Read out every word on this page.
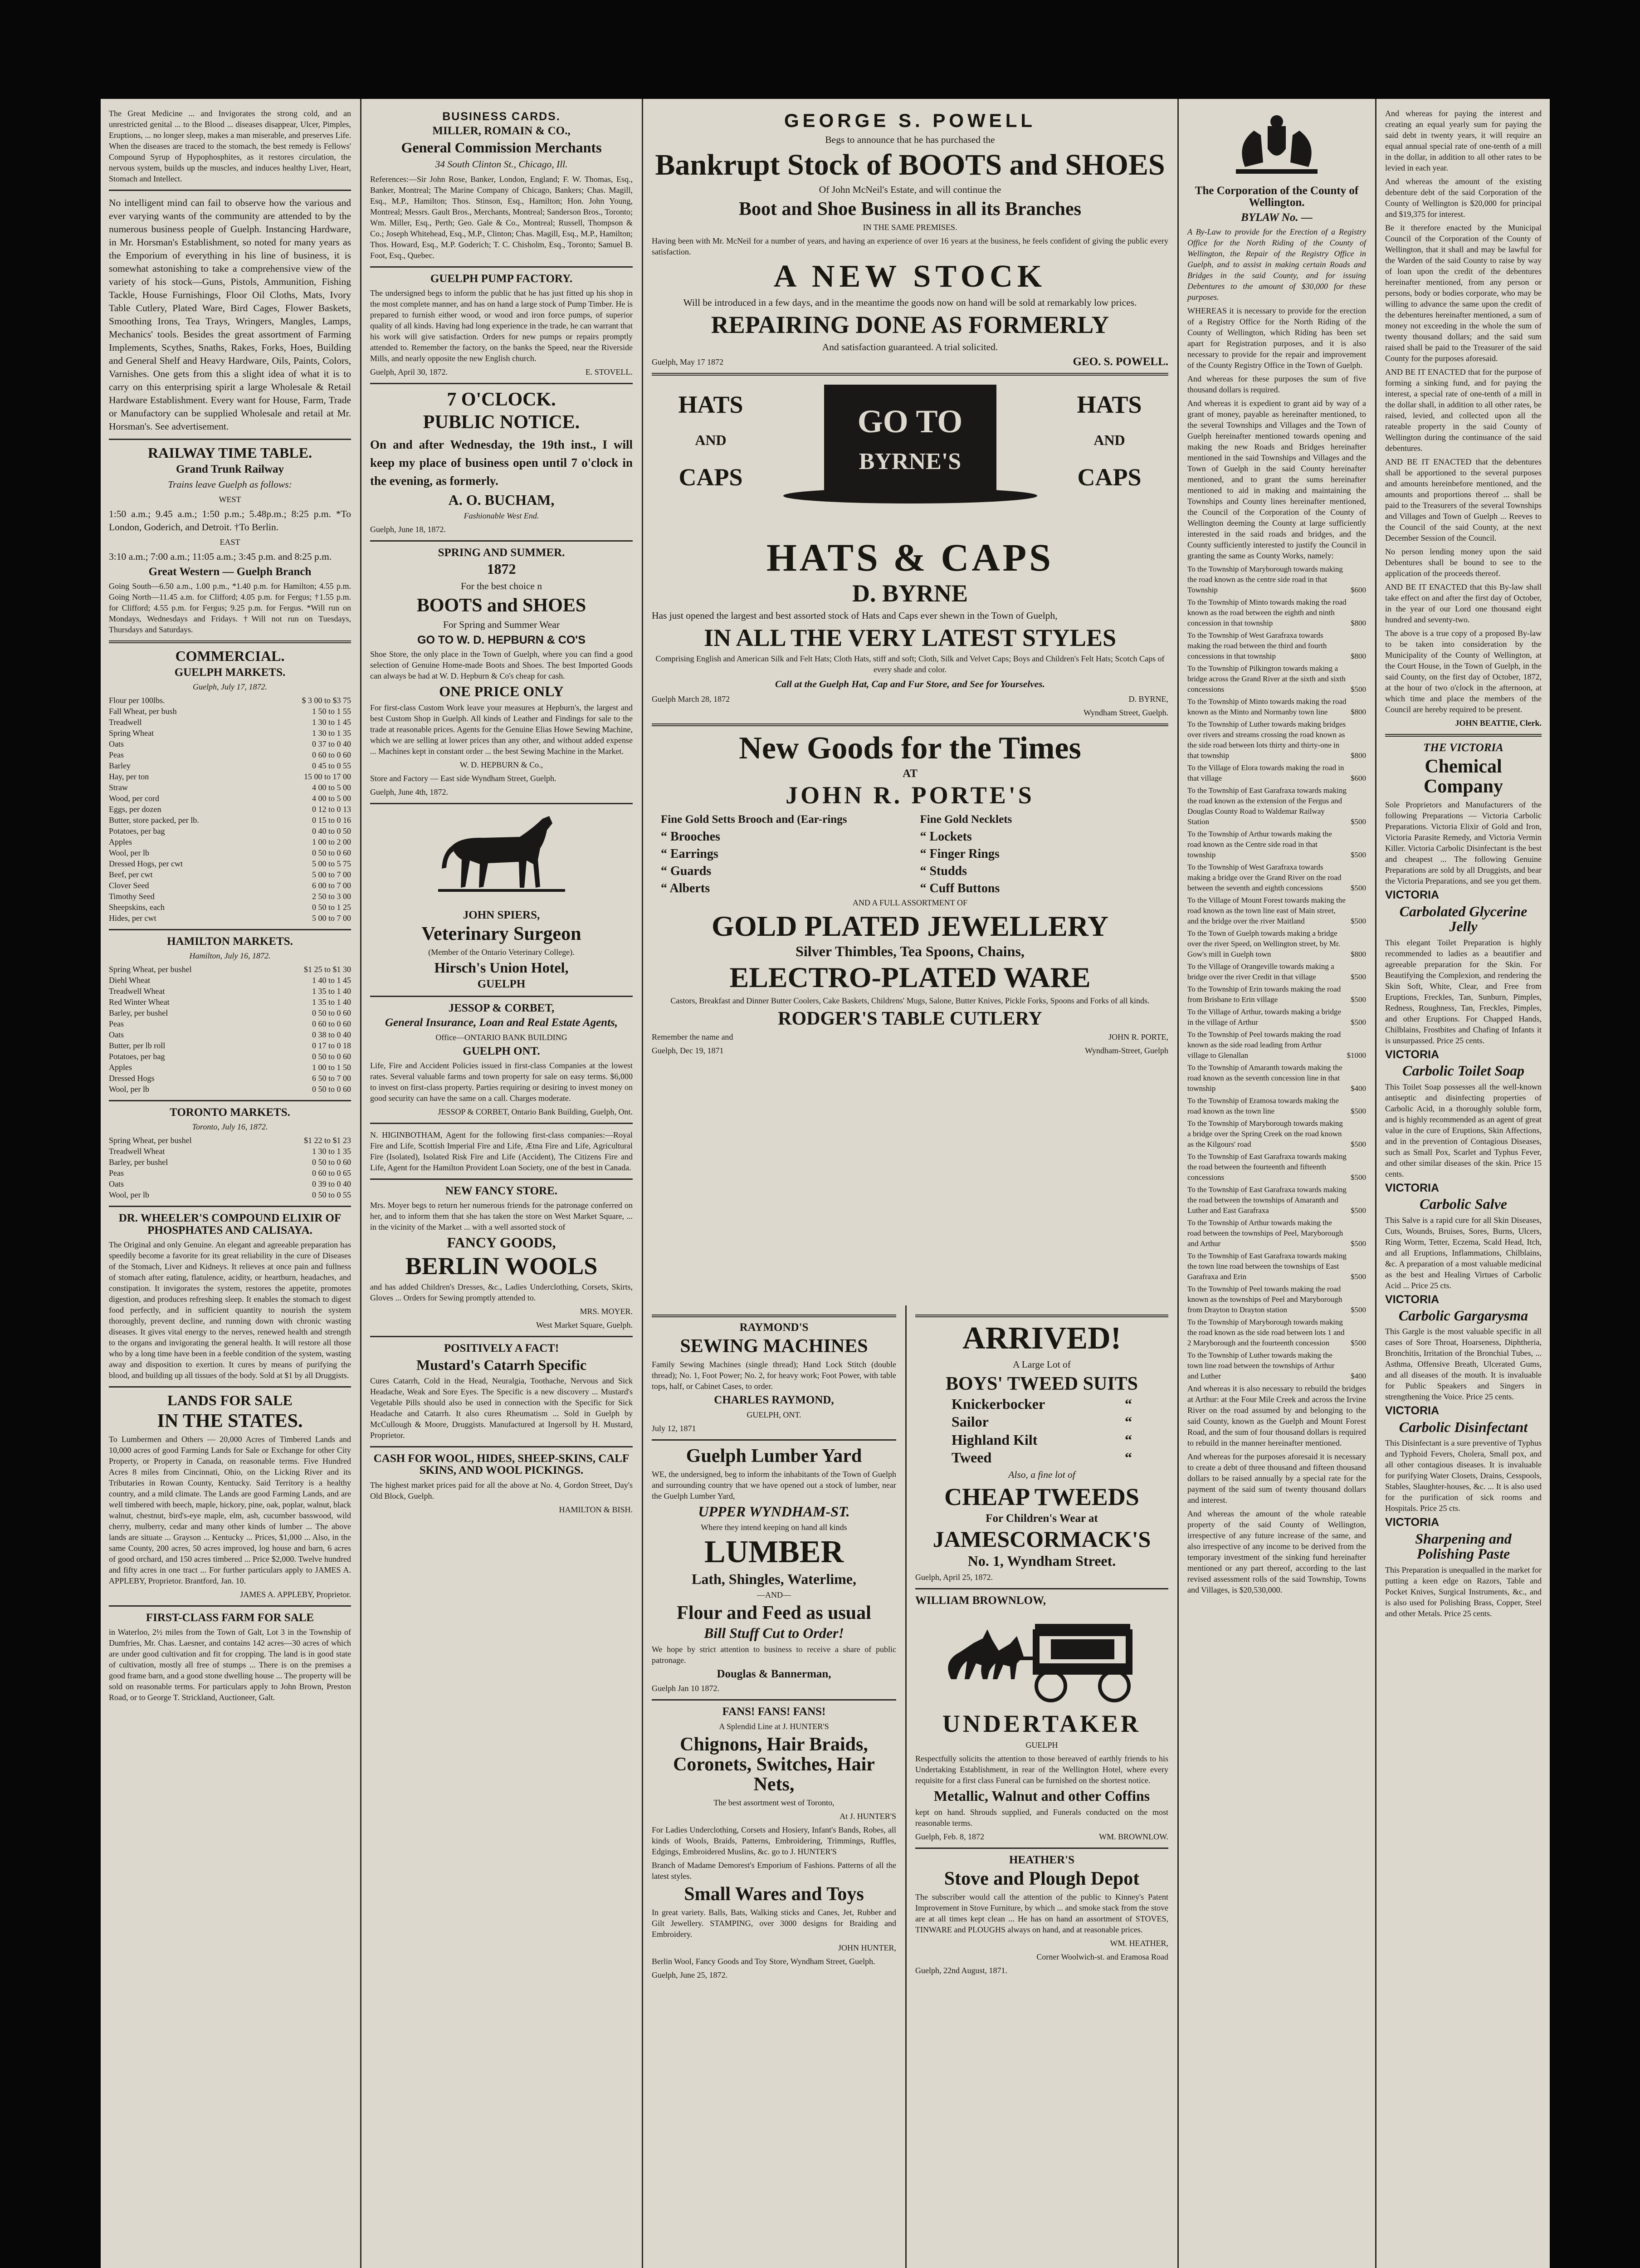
The Great Medicine ... and Invigorates the strong cold, and an unrestricted genital ... to the Blood ... diseases disappear, Ulcer, Pimples, Eruptions, ... no longer sleep, makes a man miserable, and preserves Life. When the diseases are traced to the stomach, the best remedy is Fellows' Compound Syrup of Hypophosphites, as it restores circulation, the nervous system, builds up the muscles, and induces healthy Liver, Heart, Stomach and Intellect.

No intelligent mind can fail to observe how the various and ever varying wants of the community are attended to by the numerous business people of Guelph. Instancing Hardware, in Mr. Horsman's Establishment, so noted for many years as the Emporium of everything in his line of business, it is somewhat astonishing to take a comprehensive view of the variety of his stock—Guns, Pistols, Ammunition, Fishing Tackle, House Furnishings, Floor Oil Cloths, Mats, Ivory Table Cutlery, Plated Ware, Bird Cages, Flower Baskets, Smoothing Irons, Tea Trays, Wringers, Mangles, Lamps, Mechanics' tools. Besides the great assortment of Farming Implements, Scythes, Snaths, Rakes, Forks, Hoes, Building and General Shelf and Heavy Hardware, Oils, Paints, Colors, Varnishes. One gets from this a slight idea of what it is to carry on this enterprising spirit a large Wholesale & Retail Hardware Establishment. Every want for House, Farm, Trade or Manufactory can be supplied Wholesale and retail at Mr. Horsman's. See advertisement.

RAILWAY TIME TABLE.
Grand Trunk Railway
Trains leave Guelph as follows:
WEST

1:50 a.m.; 9.45 a.m.; 1:50 p.m.; 5.48p.m.; 8:25 p.m. *To London, Goderich, and Detroit. †To Berlin.

EAST

3:10 a.m.; 7:00 a.m.; 11:05 a.m.; 3:45 p.m. and 8:25 p.m.

Great Western — Guelph Branch

Going South—6.50 a.m., 1.00 p.m., *1.40 p.m. for Hamilton; 4.55 p.m. Going North—11.45 a.m. for Clifford; 4.05 p.m. for Fergus; †1.55 p.m. for Clifford; 4.55 p.m. for Fergus; 9.25 p.m. for Fergus. *Will run on Mondays, Wednesdays and Fridays. †Will not run on Tuesdays, Thursdays and Saturdays.

COMMERCIAL.
GUELPH MARKETS.
Guelph, July 17, 1872.
Flour per 100lbs.	$ 3 00 to $3 75
Fall Wheat, per bush	1 50 to 1 55
Treadwell	1 30 to 1 45
Spring Wheat	1 30 to 1 35
Oats	0 37 to 0 40
Peas	0 60 to 0 60
Barley	0 45 to 0 55
Hay, per ton	15 00 to 17 00
Straw	4 00 to 5 00
Wood, per cord	4 00 to 5 00
Eggs, per dozen	0 12 to 0 13
Butter, store packed, per lb.	0 15 to 0 16
Potatoes, per bag	0 40 to 0 50
Apples	1 00 to 2 00
Wool, per lb	0 50 to 0 60
Dressed Hogs, per cwt	5 00 to 5 75
Beef, per cwt	5 00 to 7 00
Clover Seed	6 00 to 7 00
Timothy Seed	2 50 to 3 00
Sheepskins, each	0 50 to 1 25
Hides, per cwt	5 00 to 7 00
HAMILTON MARKETS.
Hamilton, July 16, 1872.
Spring Wheat, per bushel	$1 25 to $1 30
Diehl Wheat	1 40 to 1 45
Treadwell Wheat	1 35 to 1 40
Red Winter Wheat	1 35 to 1 40
Barley, per bushel	0 50 to 0 60
Peas	0 60 to 0 60
Oats	0 38 to 0 40
Butter, per lb roll	0 17 to 0 18
Potatoes, per bag	0 50 to 0 60
Apples	1 00 to 1 50
Dressed Hogs	6 50 to 7 00
Wool, per lb	0 50 to 0 60
TORONTO MARKETS.
Toronto, July 16, 1872.
Spring Wheat, per bushel	$1 22 to $1 23
Treadwell Wheat	1 30 to 1 35
Barley, per bushel	0 50 to 0 60
Peas	0 60 to 0 65
Oats	0 39 to 0 40
Wool, per lb	0 50 to 0 55
DR. WHEELER'S COMPOUND ELIXIR OF PHOSPHATES AND CALISAYA.

The Original and only Genuine. An elegant and agreeable preparation has speedily become a favorite for its great reliability in the cure of Diseases of the Stomach, Liver and Kidneys. It relieves at once pain and fullness of stomach after eating, flatulence, acidity, or heartburn, headaches, and constipation. It invigorates the system, restores the appetite, promotes digestion, and produces refreshing sleep. It enables the stomach to digest food perfectly, and in sufficient quantity to nourish the system thoroughly, prevent decline, and running down with chronic wasting diseases. It gives vital energy to the nerves, renewed health and strength to the organs and invigorating the general health. It will restore all those who by a long time have been in a feeble condition of the system, wasting away and disposition to exertion. It cures by means of purifying the blood, and building up all tissues of the body. Sold at $1 by all Druggists.

LANDS FOR SALE
IN THE STATES.

To Lumbermen and Others — 20,000 Acres of Timbered Lands and 10,000 acres of good Farming Lands for Sale or Exchange for other City Property, or Property in Canada, on reasonable terms. Five Hundred Acres 8 miles from Cincinnati, Ohio, on the Licking River and its Tributaries in Rowan County, Kentucky. Said Territory is a healthy country, and a mild climate. The Lands are good Farming Lands, and are well timbered with beech, maple, hickory, pine, oak, poplar, walnut, black walnut, chestnut, bird's-eye maple, elm, ash, cucumber basswood, wild cherry, mulberry, cedar and many other kinds of lumber ... The above lands are situate ... Grayson ... Kentucky ... Prices, $1,000 ... Also, in the same County, 200 acres, 50 acres improved, log house and barn, 6 acres of good orchard, and 150 acres timbered ... Price $2,000. Twelve hundred and fifty acres in one tract ... For further particulars apply to JAMES A. APPLEBY, Proprietor. Brantford, Jan. 10.

JAMES A. APPLEBY, Proprietor.
FIRST-CLASS FARM FOR SALE

in Waterloo, 2½ miles from the Town of Galt, Lot 3 in the Township of Dumfries, Mr. Chas. Laesner, and contains 142 acres—30 acres of which are under good cultivation and fit for cropping. The land is in good state of cultivation, mostly all free of stumps ... There is on the premises a good frame barn, and a good stone dwelling house ... The property will be sold on reasonable terms. For particulars apply to John Brown, Preston Road, or to George T. Strickland, Auctioneer, Galt.

BUSINESS CARDS.
MILLER, ROMAIN & CO.,
General Commission Merchants
34 South Clinton St., Chicago, Ill.

References:—Sir John Rose, Banker, London, England; F. W. Thomas, Esq., Banker, Montreal; The Marine Company of Chicago, Bankers; Chas. Magill, Esq., M.P., Hamilton; Thos. Stinson, Esq., Hamilton; Hon. John Young, Montreal; Messrs. Gault Bros., Merchants, Montreal; Sanderson Bros., Toronto; Wm. Miller, Esq., Perth; Geo. Gale & Co., Montreal; Russell, Thompson & Co.; Joseph Whitehead, Esq., M.P., Clinton; Chas. Magill, Esq., M.P., Hamilton; Thos. Howard, Esq., M.P. Goderich; T. C. Chisholm, Esq., Toronto; Samuel B. Foot, Esq., Quebec.

GUELPH PUMP FACTORY.

The undersigned begs to inform the public that he has just fitted up his shop in the most complete manner, and has on hand a large stock of Pump Timber. He is prepared to furnish either wood, or wood and iron force pumps, of superior quality of all kinds. Having had long experience in the trade, he can warrant that his work will give satisfaction. Orders for new pumps or repairs promptly attended to. Remember the factory, on the banks the Speed, near the Riverside Mills, and nearly opposite the new English church.

Guelph, April 30, 1872.	E. STOVELL.
7 O'CLOCK.
PUBLIC NOTICE.

On and after Wednesday, the 19th inst., I will keep my place of business open until 7 o'clock in the evening, as formerly.

A. O. BUCHAM,
Fashionable West End.
Guelph, June 18, 1872.
SPRING AND SUMMER.
1872
For the best choice n
BOOTS and SHOES
For Spring and Summer Wear
GO TO W. D. HEPBURN & CO'S

Shoe Store, the only place in the Town of Guelph, where you can find a good selection of Genuine Home-made Boots and Shoes. The best Imported Goods can always be had at W. D. Hepburn & Co's cheap for cash.

ONE PRICE ONLY

For first-class Custom Work leave your measures at Hepburn's, the largest and best Custom Shop in Guelph. All kinds of Leather and Findings for sale to the trade at reasonable prices. Agents for the Genuine Elias Howe Sewing Machine, which we are selling at lower prices than any other, and without added expense ... Machines kept in constant order ... the best Sewing Machine in the Market.

W. D. HEPBURN & Co.,
Store and Factory — East side Wyndham Street, Guelph.
Guelph, June 4th, 1872.
JOHN SPIERS,
Veterinary Surgeon
(Member of the Ontario Veterinary College).
Hirsch's Union Hotel,
GUELPH
JESSOP & CORBET,
General Insurance, Loan and Real Estate Agents,
Office—ONTARIO BANK BUILDING
GUELPH ONT.

Life, Fire and Accident Policies issued in first-class Companies at the lowest rates. Several valuable farms and town property for sale on easy terms. $6,000 to invest on first-class property. Parties requiring or desiring to invest money on good security can have the same on a call. Charges moderate.

JESSOP & CORBET, Ontario Bank Building, Guelph, Ont.

N. HIGINBOTHAM, Agent for the following first-class companies:—Royal Fire and Life, Scottish Imperial Fire and Life, Ætna Fire and Life, Agricultural Fire (Isolated), Isolated Risk Fire and Life (Accident), The Citizens Fire and Life, Agent for the Hamilton Provident Loan Society, one of the best in Canada.

NEW FANCY STORE.

Mrs. Moyer begs to return her numerous friends for the patronage conferred on her, and to inform them that she has taken the store on West Market Square, ... in the vicinity of the Market ... with a well assorted stock of

FANCY GOODS,
BERLIN WOOLS

and has added Children's Dresses, &c., Ladies Underclothing, Corsets, Skirts, Gloves ... Orders for Sewing promptly attended to.

MRS. MOYER.
West Market Square, Guelph.
POSITIVELY A FACT!
Mustard's Catarrh Specific

Cures Catarrh, Cold in the Head, Neuralgia, Toothache, Nervous and Sick Headache, Weak and Sore Eyes. The Specific is a new discovery ... Mustard's Vegetable Pills should also be used in connection with the Specific for Sick Headache and Catarrh. It also cures Rheumatism ... Sold in Guelph by McCullough & Moore, Druggists. Manufactured at Ingersoll by H. Mustard, Proprietor.

CASH FOR WOOL, HIDES, SHEEP-SKINS, CALF SKINS, AND WOOL PICKINGS.

The highest market prices paid for all the above at No. 4, Gordon Street, Day's Old Block, Guelph.

HAMILTON & BISH.
GEORGE S. POWELL
Begs to announce that he has purchased the
Bankrupt Stock of BOOTS and SHOES
Of John McNeil's Estate, and will continue the
Boot and Shoe Business in all its Branches
IN THE SAME PREMISES.

Having been with Mr. McNeil for a number of years, and having an experience of over 16 years at the business, he feels confident of giving the public every satisfaction.

A NEW STOCK

Will be introduced in a few days, and in the meantime the goods now on hand will be sold at remarkably low prices.

REPAIRING DONE AS FORMERLY
And satisfaction guaranteed. A trial solicited.
Guelph, May 17 1872	GEO. S. POWELL.
HATS
AND
CAPS
HATS
AND
CAPS
GO TO
BYRNE'S
HATS & CAPS
D. BYRNE

Has just opened the largest and best assorted stock of Hats and Caps ever shewn in the Town of Guelph,

IN ALL THE VERY LATEST STYLES

Comprising English and American Silk and Felt Hats; Cloth Hats, stiff and soft; Cloth, Silk and Velvet Caps; Boys and Children's Felt Hats; Scotch Caps of every shade and color.

Call at the Guelph Hat, Cap and Fur Store, and See for Yourselves.
Guelph March 28, 1872	D. BYRNE,
Wyndham Street, Guelph.
New Goods for the Times
AT
JOHN R. PORTE'S
Fine Gold Setts Brooch and (Ear-rings
“ Brooches
“ Earrings
“ Guards
“ Alberts
Fine Gold Necklets
“ Lockets
“ Finger Rings
“ Studds
“ Cuff Buttons
AND A FULL ASSORTMENT OF
GOLD PLATED JEWELLERY
Silver Thimbles, Tea Spoons, Chains,
ELECTRO-PLATED WARE

Castors, Breakfast and Dinner Butter Coolers, Cake Baskets, Childrens' Mugs, Salone, Butter Knives, Pickle Forks, Spoons and Forks of all kinds.

RODGER'S TABLE CUTLERY
Remember the name and	JOHN R. PORTE,
Guelph, Dec 19, 1871	Wyndham-Street, Guelph
RAYMOND'S
SEWING MACHINES

Family Sewing Machines (single thread); Hand Lock Stitch (double thread); No. 1, Foot Power; No. 2, for heavy work; Foot Power, with table tops, half, or Cabinet Cases, to order.

CHARLES RAYMOND,
GUELPH, ONT.
July 12, 1871
Guelph Lumber Yard

WE, the undersigned, beg to inform the inhabitants of the Town of Guelph and surrounding country that we have opened out a stock of lumber, near the Guelph Lumber Yard,

UPPER WYNDHAM-ST.
Where they intend keeping on hand all kinds
LUMBER
Lath, Shingles, Waterlime,
—AND—
Flour and Feed as usual
Bill Stuff Cut to Order!

We hope by strict attention to business to receive a share of public patronage.

Douglas & Bannerman,
Guelph Jan 10 1872.
FANS! FANS! FANS!
A Splendid Line at J. HUNTER'S
Chignons, Hair Braids, Coronets, Switches, Hair Nets,
The best assortment west of Toronto,
At J. HUNTER'S

For Ladies Underclothing, Corsets and Hosiery, Infant's Bands, Robes, all kinds of Wools, Braids, Patterns, Embroidering, Trimmings, Ruffles, Edgings, Embroidered Muslins, &c. go to J. HUNTER'S

Branch of Madame Demorest's Emporium of Fashions. Patterns of all the latest styles.

Small Wares and Toys

In great variety. Balls, Bats, Walking sticks and Canes, Jet, Rubber and Gilt Jewellery. STAMPING, over 3000 designs for Braiding and Embroidery.

JOHN HUNTER,
Berlin Wool, Fancy Goods and Toy Store, Wyndham Street, Guelph.
Guelph, June 25, 1872.
ARRIVED!
A Large Lot of
BOYS' TWEED SUITS
Knickerbocker	“
Sailor	“
Highland Kilt	“
Tweed	“
Also, a fine lot of
CHEAP TWEEDS
For Children's Wear at
JAMESCORMACK'S
No. 1, Wyndham Street.
Guelph, April 25, 1872.
WILLIAM BROWNLOW,
UNDERTAKER
GUELPH

Respectfully solicits the attention to those bereaved of earthly friends to his Undertaking Establishment, in rear of the Wellington Hotel, where every requisite for a first class Funeral can be furnished on the shortest notice.

Metallic, Walnut and other Coffins

kept on hand. Shrouds supplied, and Funerals conducted on the most reasonable terms.

Guelph, Feb. 8, 1872	WM. BROWNLOW.
HEATHER'S
Stove and Plough Depot

The subscriber would call the attention of the public to Kinney's Patent Improvement in Stove Furniture, by which ... and smoke stack from the stove are at all times kept clean ... He has on hand an assortment of STOVES, TINWARE and PLOUGHS always on hand, and at reasonable prices.

WM. HEATHER,
Corner Woolwich-st. and Eramosa Road
Guelph, 22nd August, 1871.
The Corporation of the County of Wellington.
BYLAW No. —

A By-Law to provide for the Erection of a Registry Office for the North Riding of the County of Wellington, the Repair of the Registry Office in Guelph, and to assist in making certain Roads and Bridges in the said County, and for issuing Debentures to the amount of $30,000 for these purposes.

WHEREAS it is necessary to provide for the erection of a Registry Office for the North Riding of the County of Wellington, which Riding has been set apart for Registration purposes, and it is also necessary to provide for the repair and improvement of the County Registry Office in the Town of Guelph.

And whereas for these purposes the sum of five thousand dollars is required.

And whereas it is expedient to grant aid by way of a grant of money, payable as hereinafter mentioned, to the several Townships and Villages and the Town of Guelph hereinafter mentioned towards opening and making the new Roads and Bridges hereinafter mentioned in the said Townships and Villages and the Town of Guelph in the said County hereinafter mentioned, and to grant the sums hereinafter mentioned to aid in making and maintaining the Townships and County lines hereinafter mentioned, the Council of the Corporation of the County of Wellington deeming the County at large sufficiently interested in the said roads and bridges, and the County sufficiently interested to justify the Council in granting the same as County Works, namely:

To the Township of Maryborough towards making the road known as the centre side road in that Township	$600
To the Township of Minto towards making the road known as the road between the eighth and ninth concession in that township	$800
To the Township of West Garafraxa towards making the road between the third and fourth concessions in that township	$800
To the Township of Pilkington towards making a bridge across the Grand River at the sixth and sixth concessions	$500
To the Township of Minto towards making the road known as the Minto and Normanby town line	$800
To the Township of Luther towards making bridges over rivers and streams crossing the road known as the side road between lots thirty and thirty-one in that township	$800
To the Village of Elora towards making the road in that village	$600
To the Township of East Garafraxa towards making the road known as the extension of the Fergus and Douglas County Road to Waldemar Railway Station	$500
To the Township of Arthur towards making the road known as the Centre side road in that township	$500
To the Township of West Garafraxa towards making a bridge over the Grand River on the road between the seventh and eighth concessions	$500
To the Village of Mount Forest towards making the road known as the town line east of Main street, and the bridge over the river Maitland	$500
To the Town of Guelph towards making a bridge over the river Speed, on Wellington street, by Mr. Gow's mill in Guelph town	$800
To the Village of Orangeville towards making a bridge over the river Credit in that village	$500
To the Township of Erin towards making the road from Brisbane to Erin village	$500
To the Village of Arthur, towards making a bridge in the village of Arthur	$500
To the Township of Peel towards making the road known as the side road leading from Arthur village to Glenallan	$1000
To the Township of Amaranth towards making the road known as the seventh concession line in that township	$400
To the Township of Eramosa towards making the road known as the town line	$500
To the Township of Maryborough towards making a bridge over the Spring Creek on the road known as the Kilgours' road	$500
To the Township of East Garafraxa towards making the road between the fourteenth and fifteenth concessions	$500
To the Township of East Garafraxa towards making the road between the townships of Amaranth and Luther and East Garafraxa	$500
To the Township of Arthur towards making the road between the townships of Peel, Maryborough and Arthur	$500
To the Township of East Garafraxa towards making the town line road between the townships of East Garafraxa and Erin	$500
To the Township of Peel towards making the road known as the townships of Peel and Maryborough from Drayton to Drayton station	$500
To the Township of Maryborough towards making the road known as the side road between lots 1 and 2 Maryborough and the fourteenth concession	$500
To the Township of Luther towards making the town line road between the townships of Arthur and Luther	$400

And whereas it is also necessary to rebuild the bridges at Arthur: at the Four Mile Creek and across the Irvine River on the road assumed by and belonging to the said County, known as the Guelph and Mount Forest Road, and the sum of four thousand dollars is required to rebuild in the manner hereinafter mentioned.

And whereas for the purposes aforesaid it is necessary to create a debt of three thousand and fifteen thousand dollars to be raised annually by a special rate for the payment of the said sum of twenty thousand dollars and interest.

And whereas the amount of the whole rateable property of the said County of Wellington, irrespective of any future increase of the same, and also irrespective of any income to be derived from the temporary investment of the sinking fund hereinafter mentioned or any part thereof, according to the last revised assessment rolls of the said Township, Towns and Villages, is $20,530,000.

And whereas for paying the interest and creating an equal yearly sum for paying the said debt in twenty years, it will require an equal annual special rate of one-tenth of a mill in the dollar, in addition to all other rates to be levied in each year.

And whereas the amount of the existing debenture debt of the said Corporation of the County of Wellington is $20,000 for principal and $19,375 for interest.

Be it therefore enacted by the Municipal Council of the Corporation of the County of Wellington, that it shall and may be lawful for the Warden of the said County to raise by way of loan upon the credit of the debentures hereinafter mentioned, from any person or persons, body or bodies corporate, who may be willing to advance the same upon the credit of the debentures hereinafter mentioned, a sum of money not exceeding in the whole the sum of twenty thousand dollars; and the said sum raised shall be paid to the Treasurer of the said County for the purposes aforesaid.

AND BE IT ENACTED that for the purpose of forming a sinking fund, and for paying the interest, a special rate of one-tenth of a mill in the dollar shall, in addition to all other rates, be raised, levied, and collected upon all the rateable property in the said County of Wellington during the continuance of the said debentures.

AND BE IT ENACTED that the debentures shall be apportioned to the several purposes and amounts hereinbefore mentioned, and the amounts and proportions thereof ... shall be paid to the Treasurers of the several Townships and Villages and Town of Guelph ... Reeves to the Council of the said County, at the next December Session of the Council.

No person lending money upon the said Debentures shall be bound to see to the application of the proceeds thereof.

AND BE IT ENACTED that this By-law shall take effect on and after the first day of October, in the year of our Lord one thousand eight hundred and seventy-two.

The above is a true copy of a proposed By-law to be taken into consideration by the Municipality of the County of Wellington, at the Court House, in the Town of Guelph, in the said County, on the first day of October, 1872, at the hour of two o'clock in the afternoon, at which time and place the members of the Council are hereby required to be present.

JOHN BEATTIE, Clerk.
THE VICTORIA
Chemical Company

Sole Proprietors and Manufacturers of the following Preparations — Victoria Carbolic Preparations. Victoria Elixir of Gold and Iron, Victoria Parasite Remedy, and Victoria Vermin Killer. Victoria Carbolic Disinfectant is the best and cheapest ... The following Genuine Preparations are sold by all Druggists, and bear the Victoria Preparations, and see you get them.

VICTORIA
Carbolated Glycerine Jelly

This elegant Toilet Preparation is highly recommended to ladies as a beautifier and agreeable preparation for the Skin. For Beautifying the Complexion, and rendering the Skin Soft, White, Clear, and Free from Eruptions, Freckles, Tan, Sunburn, Pimples, Redness, Roughness, Tan, Freckles, Pimples, and other Eruptions. For Chapped Hands, Chilblains, Frostbites and Chafing of Infants it is unsurpassed. Price 25 cents.

VICTORIA
Carbolic Toilet Soap

This Toilet Soap possesses all the well-known antiseptic and disinfecting properties of Carbolic Acid, in a thoroughly soluble form, and is highly recommended as an agent of great value in the cure of Eruptions, Skin Affections, and in the prevention of Contagious Diseases, such as Small Pox, Scarlet and Typhus Fever, and other similar diseases of the skin. Price 15 cents.

VICTORIA
Carbolic Salve

This Salve is a rapid cure for all Skin Diseases, Cuts, Wounds, Bruises, Sores, Burns, Ulcers, Ring Worm, Tetter, Eczema, Scald Head, Itch, and all Eruptions, Inflammations, Chilblains, &c. A preparation of a most valuable medicinal as the best and Healing Virtues of Carbolic Acid ... Price 25 cts.

VICTORIA
Carbolic Gargarysma

This Gargle is the most valuable specific in all cases of Sore Throat, Hoarseness, Diphtheria, Bronchitis, Irritation of the Bronchial Tubes, ... Asthma, Offensive Breath, Ulcerated Gums, and all diseases of the mouth. It is invaluable for Public Speakers and Singers in strengthening the Voice. Price 25 cents.

VICTORIA
Carbolic Disinfectant

This Disinfectant is a sure preventive of Typhus and Typhoid Fevers, Cholera, Small pox, and all other contagious diseases. It is invaluable for purifying Water Closets, Drains, Cesspools, Stables, Slaughter-houses, &c. ... It is also used for the purification of sick rooms and Hospitals. Price 25 cts.

VICTORIA
Sharpening and Polishing Paste

This Preparation is unequalled in the market for putting a keen edge on Razors, Table and Pocket Knives, Surgical Instruments, &c., and is also used for Polishing Brass, Copper, Steel and other Metals. Price 25 cents.
